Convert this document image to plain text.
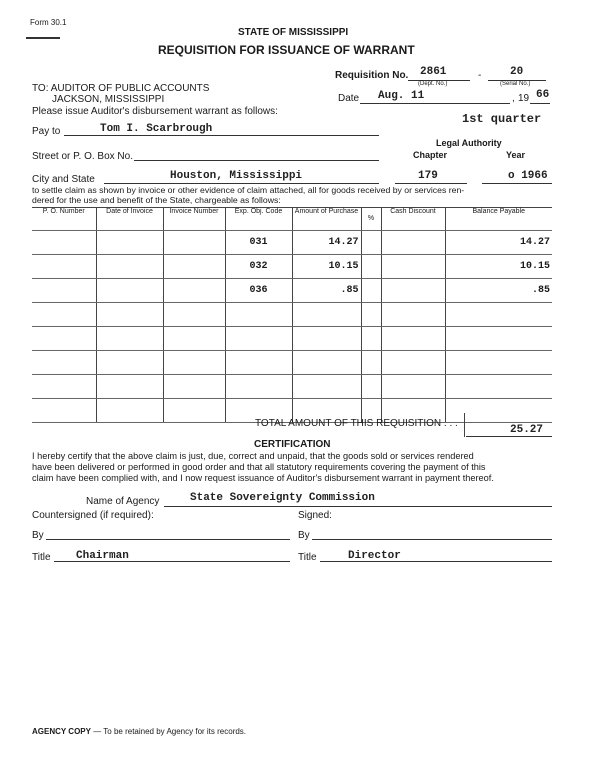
Form 30.1
STATE OF MISSISSIPPI
REQUISITION FOR ISSUANCE OF WARRANT
TO: AUDITOR OF PUBLIC ACCOUNTS
JACKSON, MISSISSIPPI
Please issue Auditor's disbursement warrant as follows:
Requisition No. 2861
(Dept. No.)
-	20
(Serial No.)
Date Aug. 11	, 19 66
1st quarter
Legal Authority
Chapter	Year
Pay to	Tom I. Scarbrough
Street or P. O. Box No.
City and State	Houston, Mississippi	179	o 1966
to settle claim as shown by invoice or other evidence of claim attached, all for goods received by or services ren-
dered for the use and benefit of the State, chargeable as follows:
P. O. Number	Date of Invoice	Invoice Number	Exp. Obj. Code	Amount of Purchase	%	Cash Discount	Balance Payable
			031	14.27			14.27
			032	10.15			10.15
			036	.85			.85

TOTAL AMOUNT OF THIS REQUISITION . . .
25.27
CERTIFICATION
I hereby certify that the above claim is just, due, correct and unpaid, that the goods sold or services rendered
have been delivered or performed in good order and that all statutory requirements covering the payment of this
claim have been complied with, and I now request issuance of Auditor's disbursement warrant in payment thereof.
Name of Agency	State Sovereignty Commission
Countersigned (if required):	Signed:
By	By
Title Chairman	Title	Director
AGENCY COPY — To be retained by Agency for its records.
